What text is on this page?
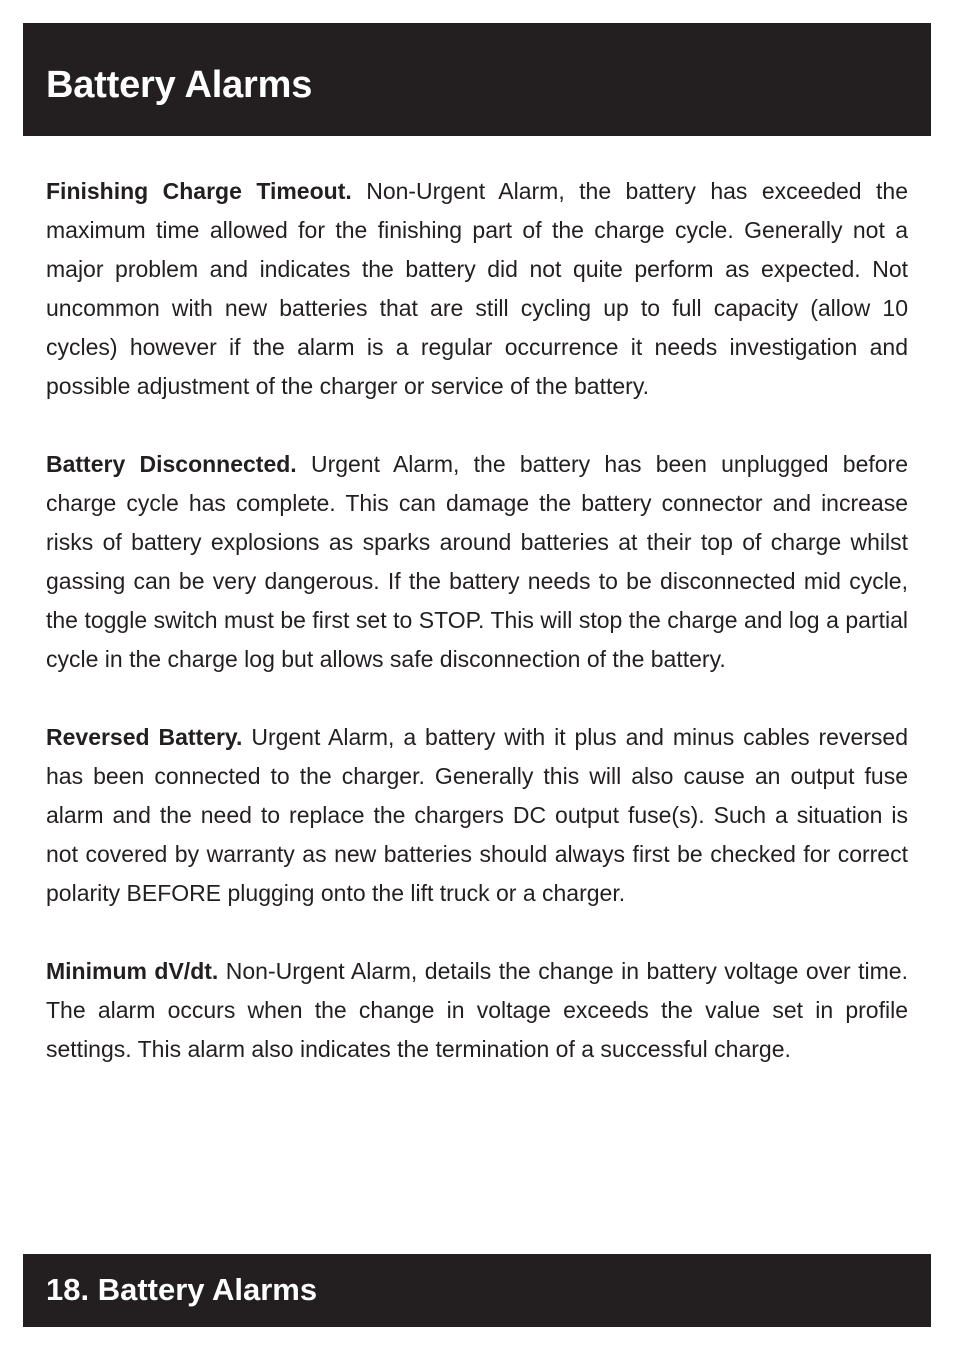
Battery Alarms

Finishing Charge Timeout. Non-Urgent Alarm, the battery has exceeded the maximum time allowed for the finishing part of the charge cycle. Generally not a major problem and indicates the battery did not quite perform as expected. Not uncommon with new batteries that are still cycling up to full capacity (allow 10 cycles) however if the alarm is a regular occurrence it needs investigation and possible adjustment of the charger or service of the battery.

Battery Disconnected. Urgent Alarm, the battery has been unplugged before charge cycle has complete. This can damage the battery connector and increase risks of battery explosions as sparks around batteries at their top of charge whilst gassing can be very dangerous. If the battery needs to be disconnected mid cycle, the toggle switch must be first set to STOP. This will stop the charge and log a partial cycle in the charge log but allows safe disconnection of the battery.

Reversed Battery. Urgent Alarm, a battery with it plus and minus cables reversed has been connected to the charger. Generally this will also cause an output fuse alarm and the need to replace the chargers DC output fuse(s). Such a situation is not covered by warranty as new batteries should always first be checked for correct polarity BEFORE plugging onto the lift truck or a charger.

Minimum dV/dt. Non-Urgent Alarm, details the change in battery voltage over time. The alarm occurs when the change in voltage exceeds the value set in profile settings. This alarm also indicates the termination of a successful charge.

18. Battery Alarms
